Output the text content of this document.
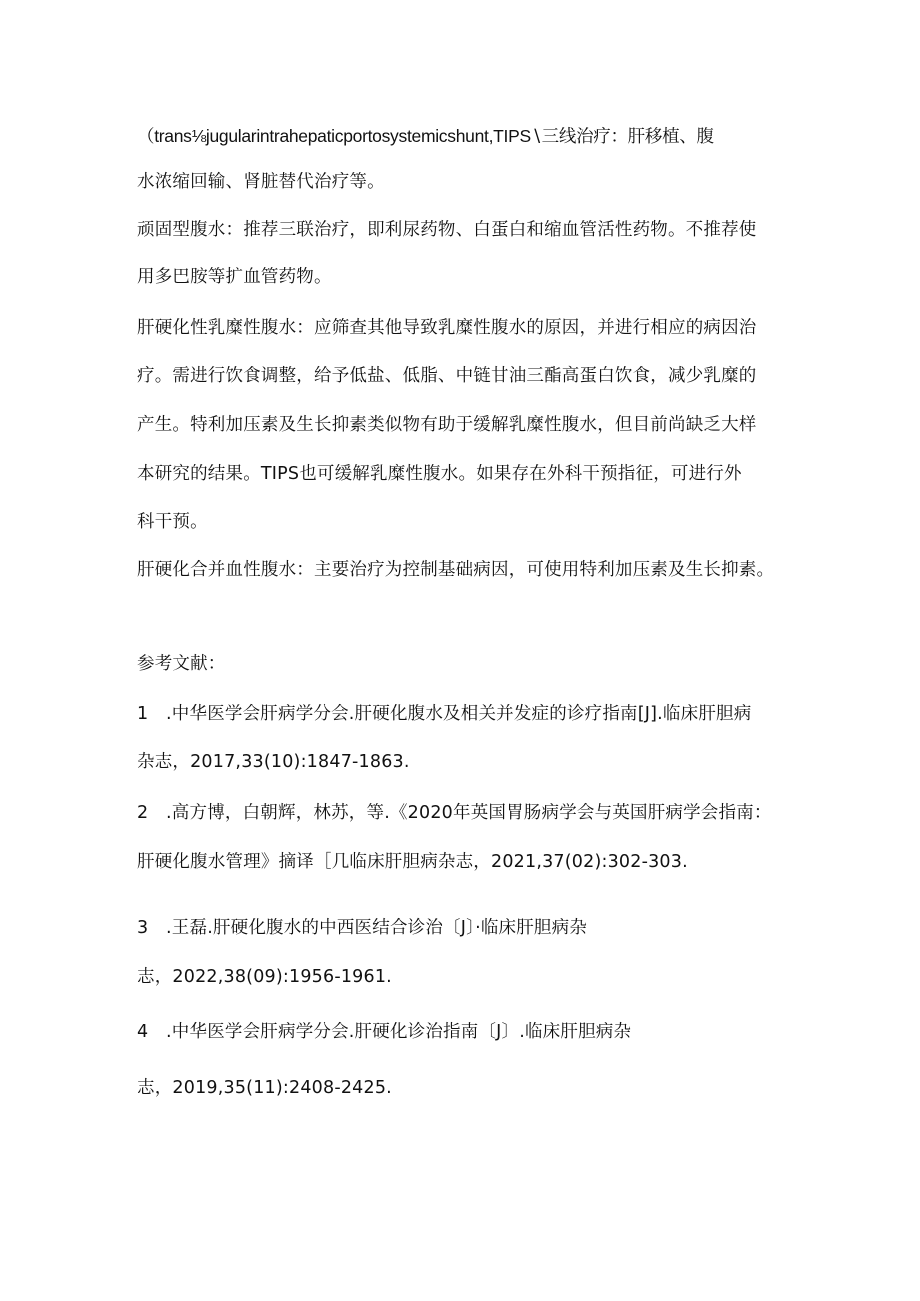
（trans⅛jugularintrahepaticportosystemicshunt,TIPS∖三线治疗：肝移植、腹
水浓缩回输、肾脏替代治疗等。
顽固型腹水：推荐三联治疗，即利尿药物、白蛋白和缩血管活性药物。不推荐使
用多巴胺等扩血管药物。
肝硬化性乳糜性腹水：应筛查其他导致乳糜性腹水的原因，并进行相应的病因治
疗。需进行饮食调整，给予低盐、低脂、中链甘油三酯高蛋白饮食，减少乳糜的
产生。特利加压素及生长抑素类似物有助于缓解乳糜性腹水，但目前尚缺乏大样
本研究的结果。TIPS也可缓解乳糜性腹水。如果存在外科干预指征，可进行外
科干预。
肝硬化合并血性腹水：主要治疗为控制基础病因，可使用特利加压素及生长抑素。
参考文献：
1　.中华医学会肝病学分会.肝硬化腹水及相关并发症的诊疗指南[J].临床肝胆病
杂志，2017,33(10):1847-1863.
2　.高方博，白朝辉，林苏，等.《2020年英国胃肠病学会与英国肝病学会指南：
肝硬化腹水管理》摘译［几临床肝胆病杂志，2021,37(02):302-303.
3　.王磊.肝硬化腹水的中西医结合诊治〔J〕·临床肝胆病杂
志，2022,38(09):1956-1961.
4　.中华医学会肝病学分会.肝硬化诊治指南〔J〕.临床肝胆病杂
志，2019,35(11):2408-2425.
